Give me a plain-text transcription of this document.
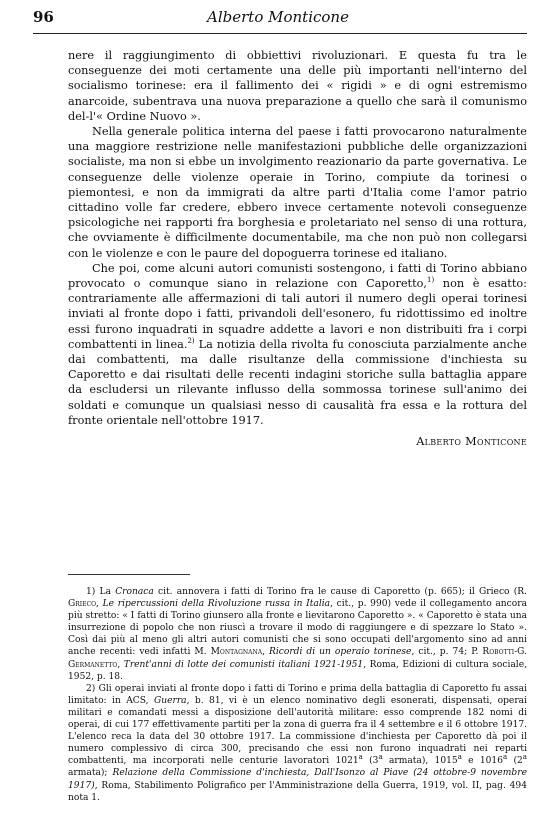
96	Alberto Monticone

nere il raggiungimento di obbiettivi rivoluzionari. E questa fu tra le conseguenze dei moti certamente una delle più importanti nell'interno del socialismo torinese: era il fallimento dei « rigidi » e di ogni estremismo anarcoide, subentrava una nuova preparazione a quello che sarà il comunismo del-l'« Ordine Nuovo ».

Nella generale politica interna del paese i fatti provocarono naturalmente una maggiore restrizione nelle manifestazioni pubbliche delle organizzazioni socialiste, ma non si ebbe un involgimento reazionario da parte governativa. Le conseguenze delle violenze operaie in Torino, compiute da torinesi o piemontesi, e non da immigrati da altre parti d'Italia come l'amor patrio cittadino volle far credere, ebbero invece certamente notevoli conseguenze psicologiche nei rapporti fra borghesia e proletariato nel senso di una rottura, che ovviamente è difficilmente documentabile, ma che non può non collegarsi con le violenze e con le paure del dopoguerra torinese ed italiano.

Che poi, come alcuni autori comunisti sostengono, i fatti di Torino abbiano provocato o comunque siano in relazione con Caporetto,$^{1)}$ non è esatto: contrariamente alle affermazioni di tali autori il numero degli operai torinesi inviati al fronte dopo i fatti, privandoli dell'esonero, fu ridottissimo ed inoltre essi furono inquadrati in squadre addette a lavori e non distribuiti fra i corpi combattenti in linea.$^{2)}$ La notizia della rivolta fu conosciuta parzialmente anche dai combattenti, ma dalle risultanze della commissione d'inchiesta su Caporetto e dai risultati delle recenti indagini storiche sulla battaglia appare da escludersi un rilevante influsso della sommossa torinese sull'animo dei soldati e comunque un qualsiasi nesso di causalità fra essa e la rottura del fronte orientale nell'ottobre 1917.

Alberto Monticone

1) La Cronaca cit. annovera i fatti di Torino fra le cause di Caporetto (p. 665); il Grieco (R. Grieco, Le ripercussioni della Rivoluzione russa in Italia, cit., p. 990) vede il collegamento ancora più stretto: « I fatti di Torino giunsero alla fronte e lievitarono Caporetto ». « Caporetto è stata una insurrezione di popolo che non riuscì a trovare il modo di raggiungere e di spezzare lo Stato ». Così dai più al meno gli altri autori comunisti che si sono occupati dell'argomento sino ad anni anche recenti: vedi infatti M. Montagnana, Ricordi di un operaio torinese, cit., p. 74; P. Robotti-G. Germanetto, Trent'anni di lotte dei comunisti italiani 1921-1951, Roma, Edizioni di cultura sociale, 1952, p. 18.

2) Gli operai inviati al fronte dopo i fatti di Torino e prima della battaglia di Caporetto fu assai limitato: in ACS, Guerra, b. 81, vi è un elenco nominativo degli esonerati, dispensati, operai militari e comandati messi a disposizione dell'autorità militare: esso comprende 182 nomi di operai, di cui 177 effettivamente partiti per la zona di guerra fra il 4 settembre e il 6 ottobre 1917. L'elenco reca la data del 30 ottobre 1917. La commissione d'inchiesta per Caporetto dà poi il numero complessivo di circa 300, precisando che essi non furono inquadrati nei reparti combattenti, ma incorporati nelle centurie lavoratori 1021$^a$ (3$^a$ armata), 1015$^a$ e 1016$^a$ (2$^a$ armata); Relazione della Commissione d'inchiesta, Dall'Isonzo al Piave (24 ottobre-9 novembre 1917), Roma, Stabilimento Poligrafico per l'Amministrazione della Guerra, 1919, vol. II, pag. 494 nota 1.
